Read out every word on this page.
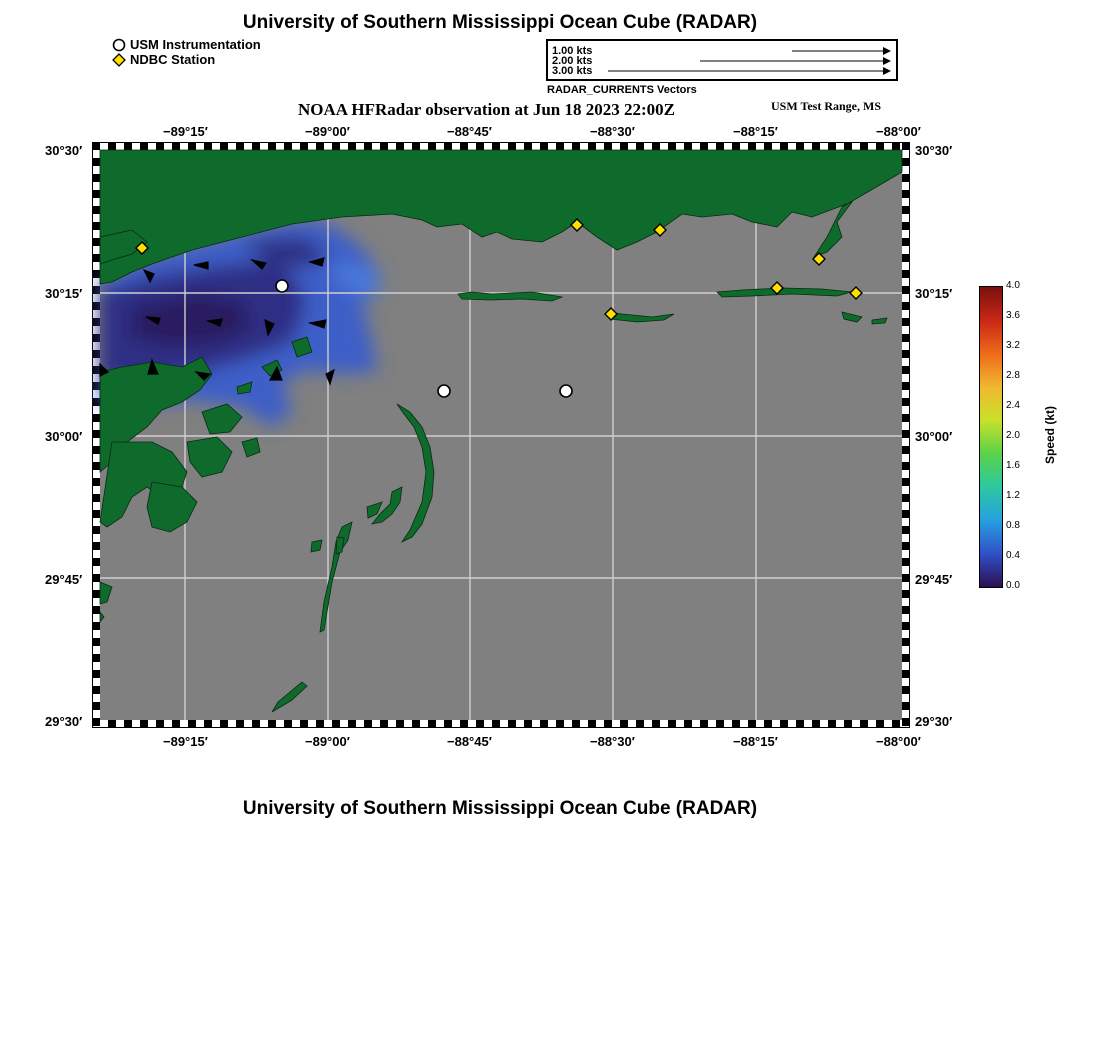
University of Southern Mississippi Ocean Cube (RADAR)
USM Instrumentation
NDBC Station
1.00 kts
2.00 kts
3.00 kts
RADAR_CURRENTS Vectors
NOAA HFRadar observation at Jun 18 2023 22:00Z	USM Test Range, MS
−89°15′	−89°00′	−88°45′	−88°30′	−88°15′	−88°00′
−89°15′	−89°00′	−88°45′	−88°30′	−88°15′	−88°00′
30°30′
30°15′
30°00′
29°45′
29°30′
30°30′
30°15′
30°00′
29°45′
29°30′
4.0
3.6
3.2
2.8
2.4
2.0
1.6
1.2
0.8
0.4
0.0
Speed (kt)
University of Southern Mississippi Ocean Cube (RADAR)
